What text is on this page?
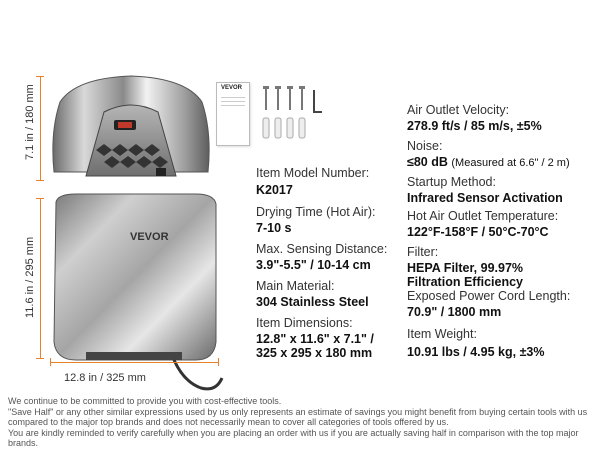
7.1 in / 180 mm
11.6 in / 295 mm	VEVOR
12.8 in / 325 mm
VEVOR
Item Model Number:
K2017
Drying Time (Hot Air):
7-10 s
Max. Sensing Distance:
3.9"-5.5" / 10-14 cm
Main Material:
304 Stainless Steel
Item Dimensions:
12.8" x 11.6" x 7.1" /
325 x 295 x 180 mm
Air Outlet Velocity:
278.9 ft/s / 85 m/s, ±5%
Noise:
≤80 dB (Measured at 6.6" / 2 m)
Startup Method:
Infrared Sensor Activation
Hot Air Outlet Temperature:
122°F-158°F / 50°C-70°C
Filter:
HEPA Filter, 99.97%
Filtration Efficiency
Exposed Power Cord Length:
70.9" / 1800 mm
Item Weight:
10.91 lbs / 4.95 kg, ±3%
We continue to be committed to provide you with cost-effective tools.
"Save Half" or any other similar expressions used by us only represents an estimate of savings you might benefit from buying certain tools with us
compared to the major top brands and does not necessarily mean to cover all categories of tools offered by us.
You are kindly reminded to verify carefully when you are placing an order with us if you are actually saving half in comparison with the top major brands.
